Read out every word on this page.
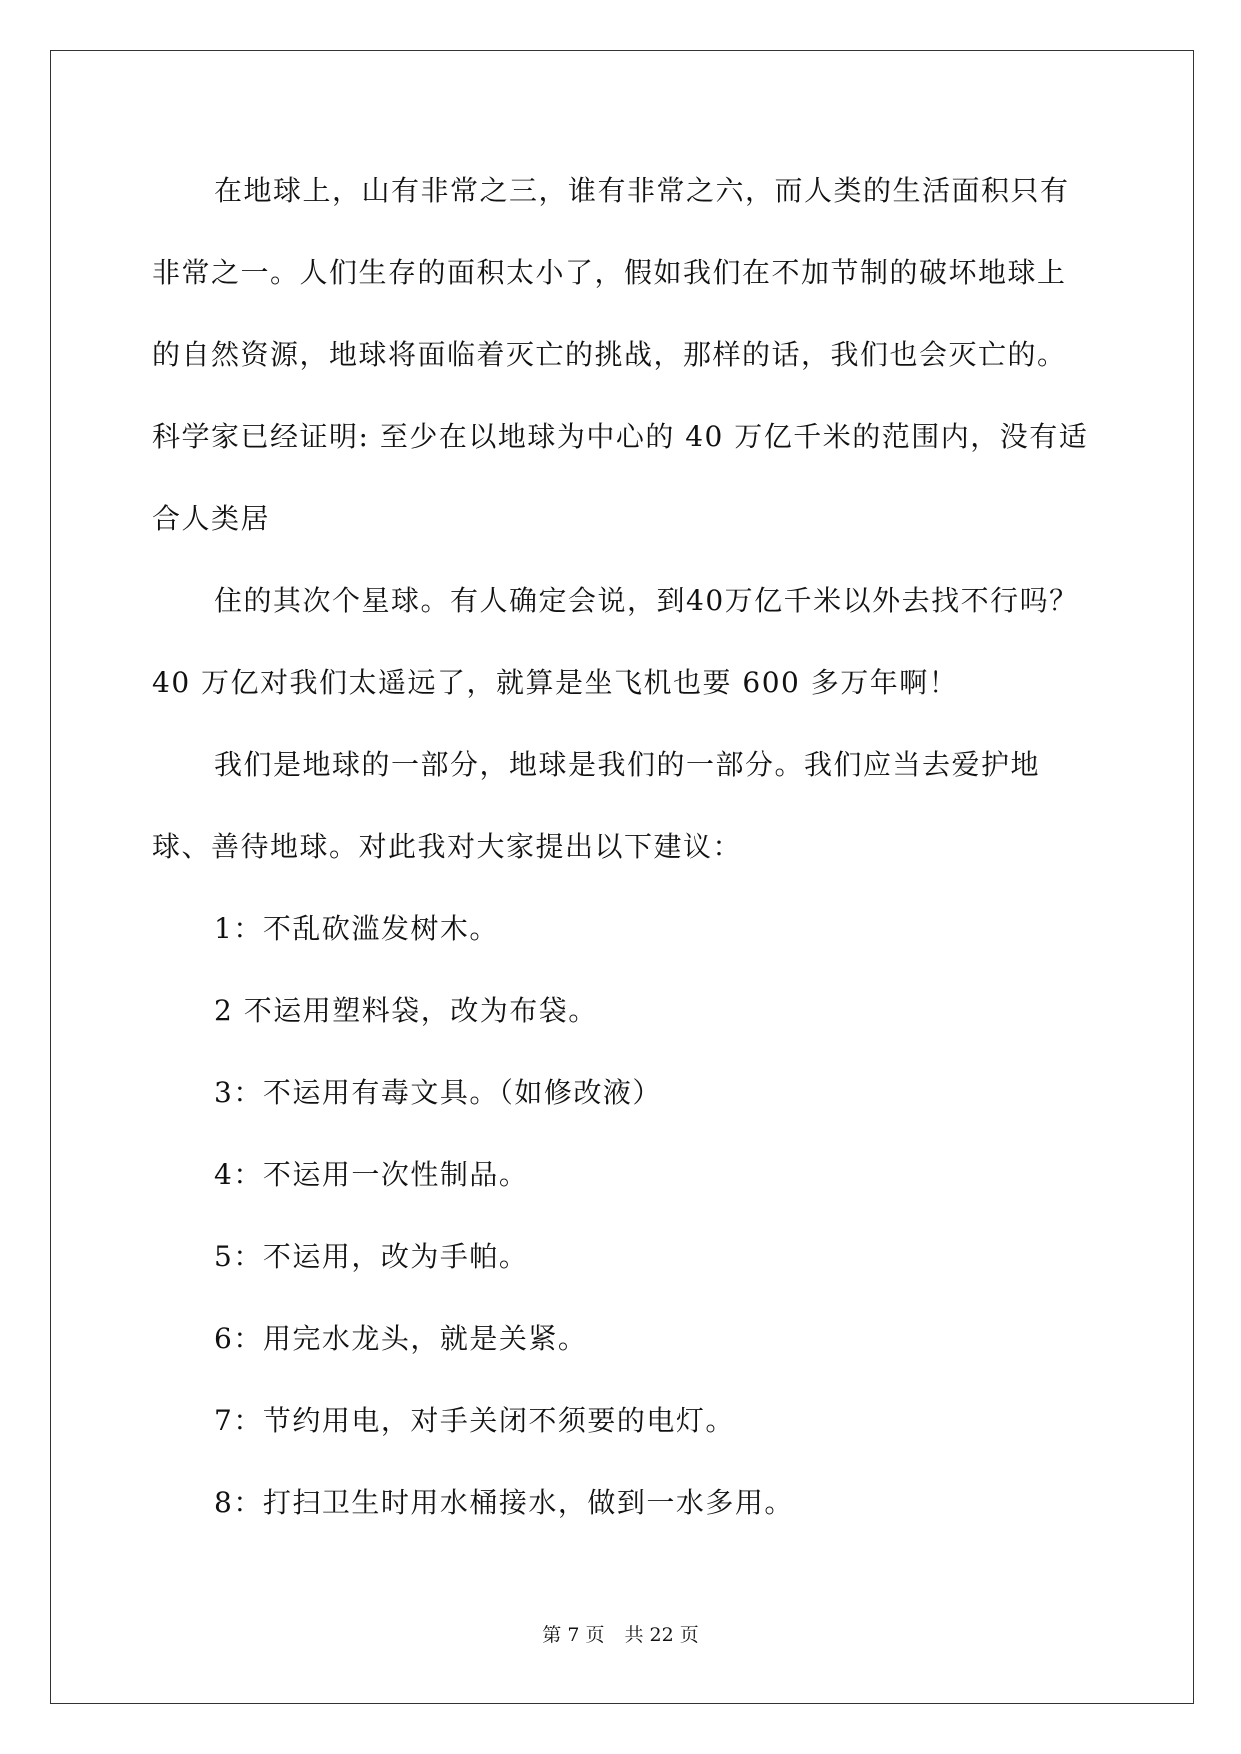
在地球上，山有非常之三，谁有非常之六，而人类的生活面积只有非常之一。人们生存的面积太小了，假如我们在不加节制的破坏地球上的自然资源，地球将面临着灭亡的挑战，那样的话，我们也会灭亡的。科学家已经证明: 至少在以地球为中心的 40 万亿千米的范围内，没有适合人类居

住的其次个星球。有人确定会说，到40万亿千米以外去找不行吗？40 万亿对我们太遥远了，就算是坐飞机也要 600 多万年啊！

我们是地球的一部分，地球是我们的一部分。我们应当去爱护地球、善待地球。对此我对大家提出以下建议：

1：不乱砍滥发树木。

2 不运用塑料袋，改为布袋。

3：不运用有毒文具。（如修改液）

4：不运用一次性制品。

5：不运用，改为手帕。

6：用完水龙头，就是关紧。

7：节约用电，对手关闭不须要的电灯。

8：打扫卫生时用水桶接水，做到一水多用。

第 7 页 共 22 页
